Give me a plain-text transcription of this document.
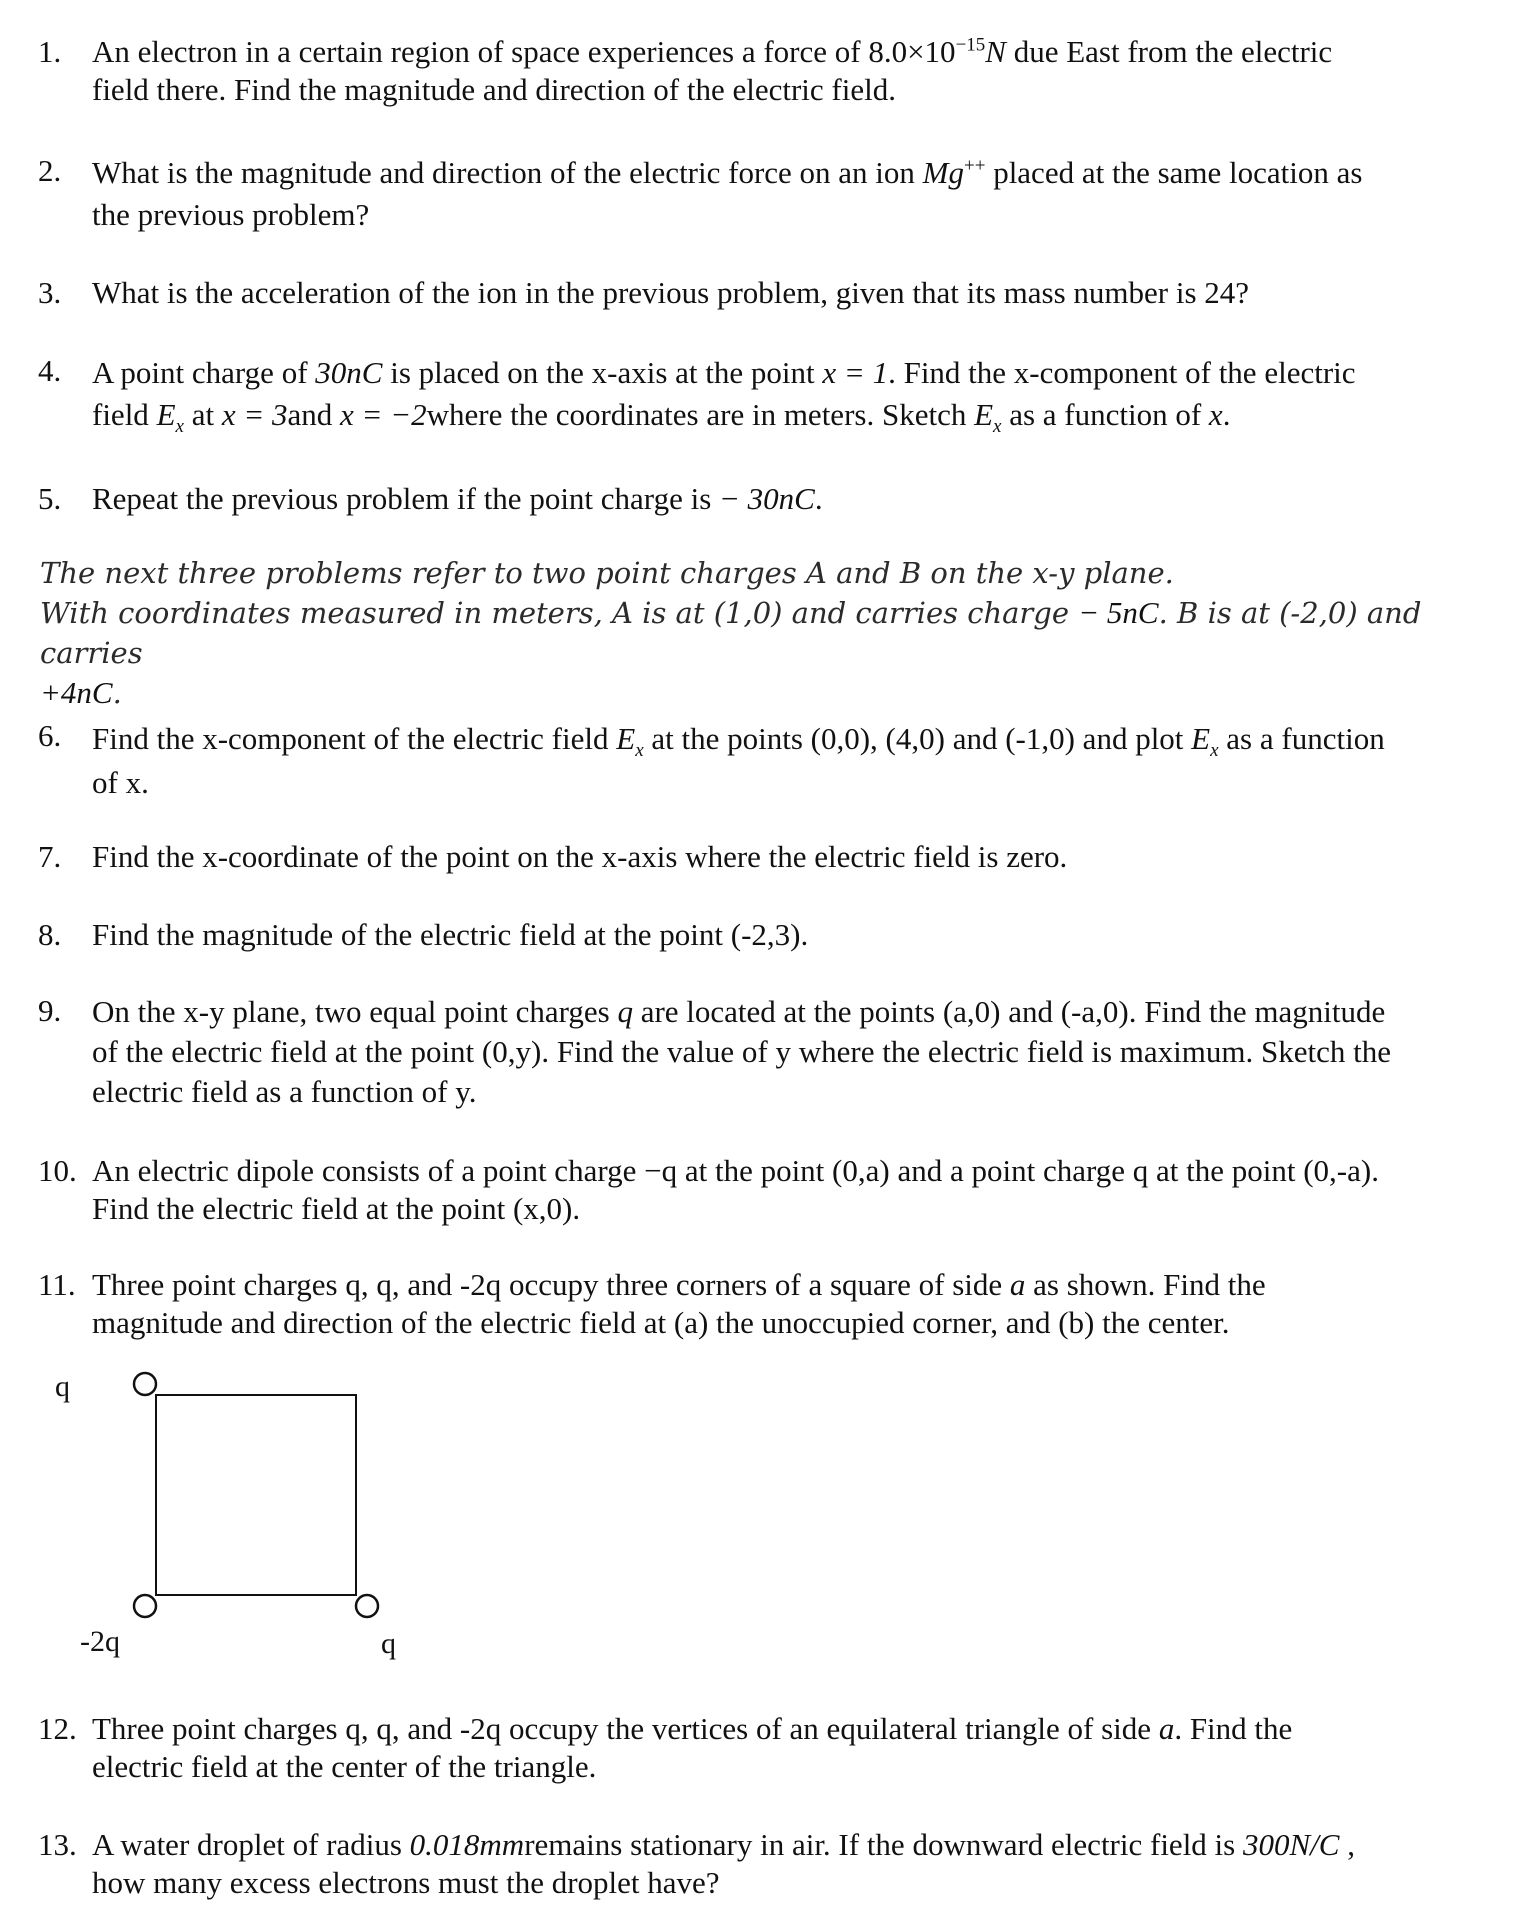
1. An electron in a certain region of space experiences a force of $8.0\times 10^{-15}N$ due East from the electric
field there. Find the magnitude and direction of the electric field.
2. What is the magnitude and direction of the electric force on an ion Mg++ placed at the same location as
the previous problem?
3. What is the acceleration of the ion in the previous problem, given that its mass number is 24?
4. A point charge of 30nC is placed on the x-axis at the point x = 1. Find the x-component of the electric
field $E_x$ at x = 3and x = −2where the coordinates are in meters. Sketch $E_x$ as a function of x.
5. Repeat the previous problem if the point charge is − 30nC.
The next three problems refer to two point charges A and B on the x-y plane.
With coordinates measured in meters, A is at (1,0) and carries charge − 5nC. B is at (-2,0) and carries
+4nC.
6. Find the x-component of the electric field $E_x$ at the points (0,0), (4,0) and (-1,0) and plot $E_x$ as a function
of x.
7. Find the x-coordinate of the point on the x-axis where the electric field is zero.
8. Find the magnitude of the electric field at the point (-2,3).
9. On the x-y plane, two equal point charges q are located at the points (a,0) and (-a,0). Find the magnitude
of the electric field at the point (0,y). Find the value of y where the electric field is maximum. Sketch the
electric field as a function of y.
10. An electric dipole consists of a point charge −q at the point (0,a) and a point charge q at the point (0,-a).
Find the electric field at the point (x,0).
11. Three point charges q, q, and -2q occupy three corners of a square of side a as shown. Find the
magnitude and direction of the electric field at (a) the unoccupied corner, and (b) the center.
q
-2q	q
12. Three point charges q, q, and -2q occupy the vertices of an equilateral triangle of side a. Find the
electric field at the center of the triangle.
13. A water droplet of radius 0.018mmremains stationary in air. If the downward electric field is 300N/C ,
how many excess electrons must the droplet have?
